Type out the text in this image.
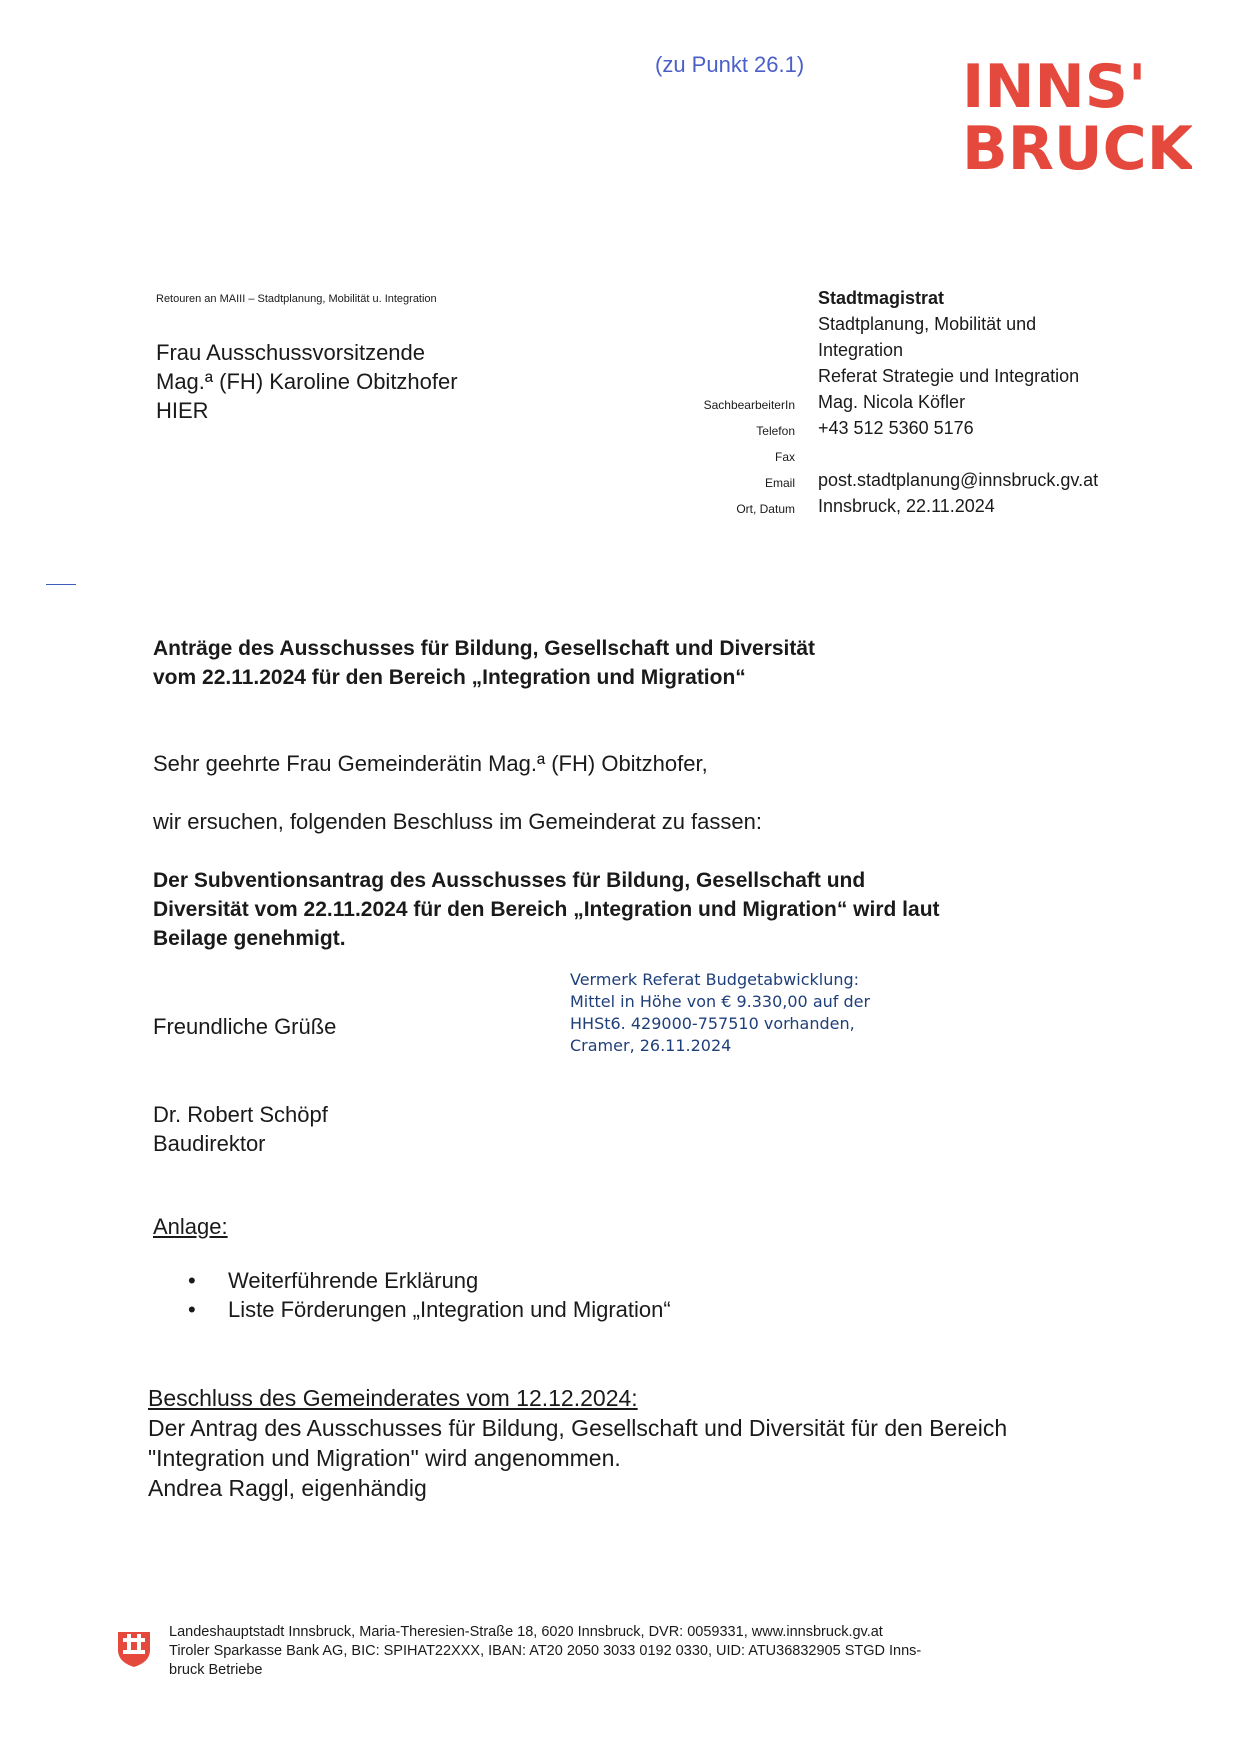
(zu Punkt 26.1)	INNS'
BRUCK
Retouren an MAIII – Stadtplanung, Mobilität u. Integration
Frau Ausschussvorsitzende
Mag.ª (FH) Karoline Obitzhofer
HIER
Stadtmagistrat
Stadtplanung, Mobilität und
Integration
Referat Strategie und Integration
SachbearbeiterIn Mag. Nicola Köfler
Telefon +43 512 5360 5176
Fax
Email post.stadtplanung@innsbruck.gv.at
Ort, Datum Innsbruck, 22.11.2024
Anträge des Ausschusses für Bildung, Gesellschaft und Diversität
vom 22.11.2024 für den Bereich „Integration und Migration“
Sehr geehrte Frau Gemeinderätin Mag.ª (FH) Obitzhofer,
wir ersuchen, folgenden Beschluss im Gemeinderat zu fassen:
Der Subventionsantrag des Ausschusses für Bildung, Gesellschaft und
Diversität vom 22.11.2024 für den Bereich „Integration und Migration“ wird laut
Beilage genehmigt.
Vermerk Referat Budgetabwicklung:
Mittel in Höhe von € 9.330,00 auf der
HHSt6. 429000-757510 vorhanden,
Cramer, 26.11.2024
Freundliche Grüße
Dr. Robert Schöpf
Baudirektor
Anlage:
• Weiterführende Erklärung
• Liste Förderungen „Integration und Migration“
Beschluss des Gemeinderates vom 12.12.2024:
Der Antrag des Ausschusses für Bildung, Gesellschaft und Diversität für den Bereich
"Integration und Migration" wird angenommen.
Andrea Raggl, eigenhändig
Landeshauptstadt Innsbruck, Maria-Theresien-Straße 18, 6020 Innsbruck, DVR: 0059331, www.innsbruck.gv.at
Tiroler Sparkasse Bank AG, BIC: SPIHAT22XXX, IBAN: AT20 2050 3033 0192 0330, UID: ATU36832905 STGD Inns-
bruck Betriebe
